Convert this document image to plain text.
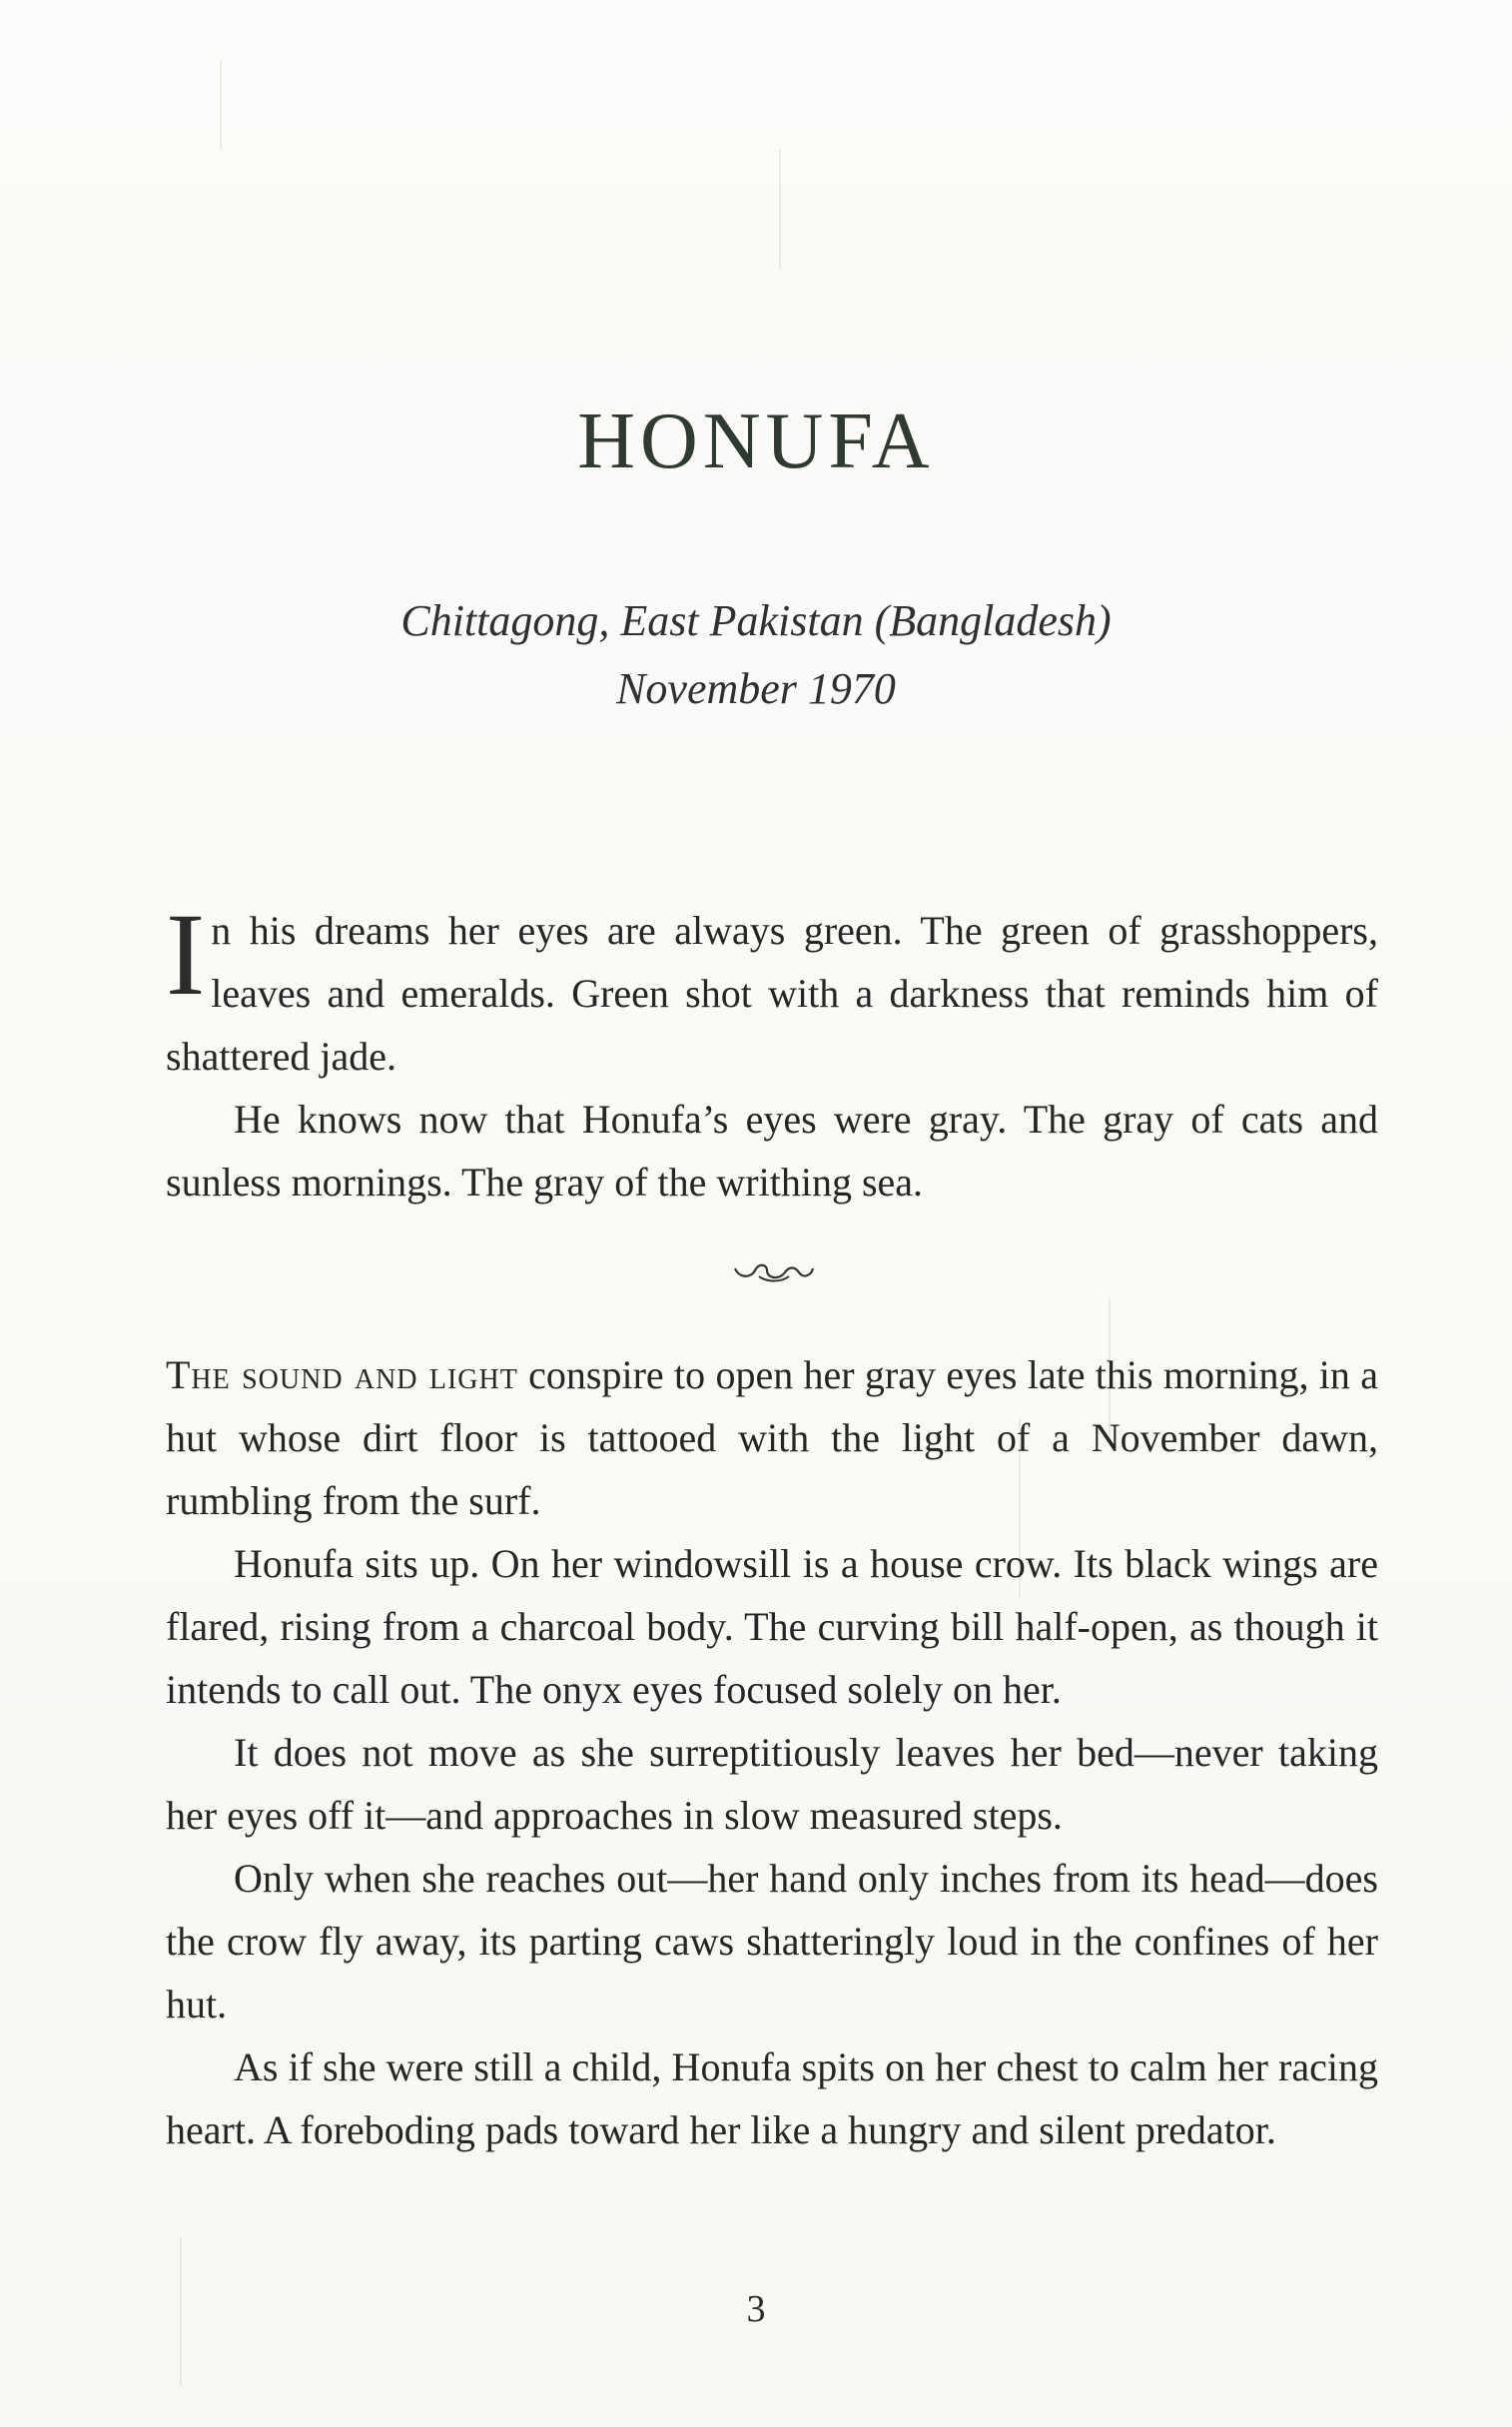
HONUFA
Chittagong, East Pakistan (Bangladesh)
November 1970

In his dreams her eyes are always green. The green of grasshoppers, leaves and emeralds. Green shot with a darkness that reminds him of shattered jade.

He knows now that Honufa’s eyes were gray. The gray of cats and sunless mornings. The gray of the writhing sea.

The sound and light conspire to open her gray eyes late this morning, in a hut whose dirt floor is tattooed with the light of a November dawn, rumbling from the surf.

Honufa sits up. On her windowsill is a house crow. Its black wings are flared, rising from a charcoal body. The curving bill half-open, as though it intends to call out. The onyx eyes focused solely on her.

It does not move as she surreptitiously leaves her bed—never taking her eyes off it—and approaches in slow measured steps.

Only when she reaches out—her hand only inches from its head—does the crow fly away, its parting caws shatteringly loud in the confines of her hut.

As if she were still a child, Honufa spits on her chest to calm her racing heart. A foreboding pads toward her like a hungry and silent predator.

3
